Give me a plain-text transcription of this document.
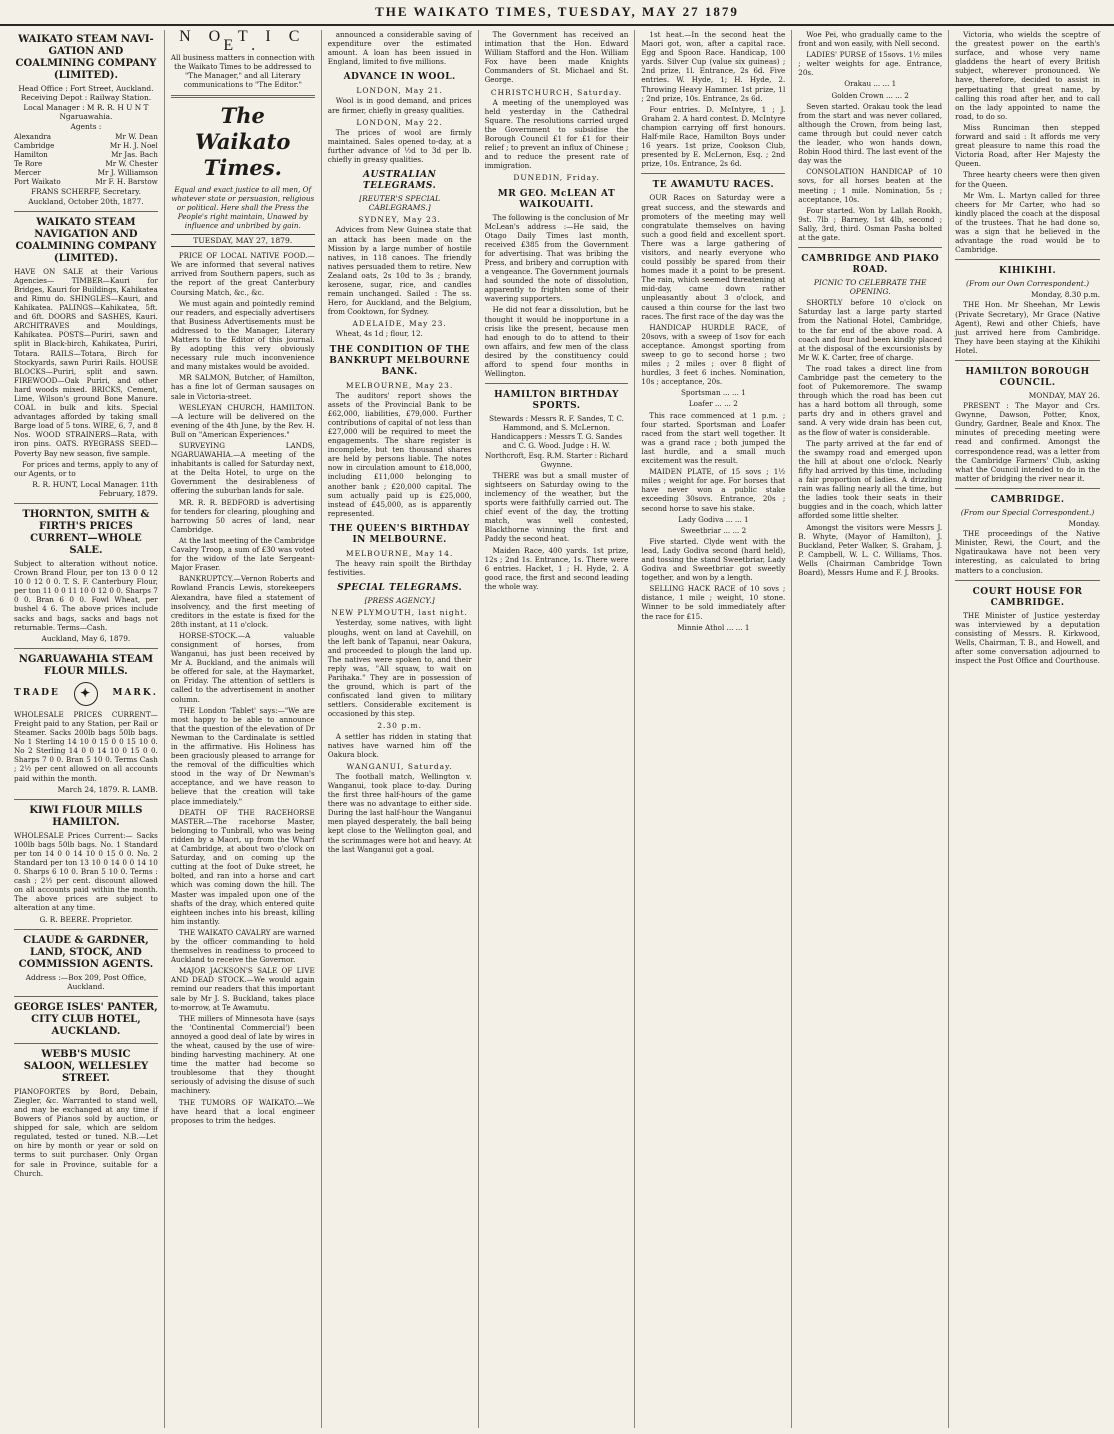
THE WAIKATO TIMES, TUESDAY, MAY 27 1879
WAIKATO STEAM NAVI-GATION AND COALMINING COMPANY (LIMITED).
Head Office : Fort Street, Auckland. Receiving Depot : Railway Station.
Local Manager : M R. R. H U N T Ngaruawahia.
Agents :
Alexandra	Mr W. Dean
Cambridge	Mr H. J. Noel
Hamilton	Mr Jas. Bach
Te Rore	Mr W. Chester
Mercer	Mr J. Williamson
Port Waikato	Mr F. H. Barstow
FRANS SCHERFF, Secretary. Auckland, October 20th, 1877.
WAIKATO STEAM NAVIGATION AND COALMINING COMPANY (LIMITED).

HAVE ON SALE at their Various Agencies— TIMBER—Kauri for Bridges, Kauri for Buildings, Kahikatea and Rimu do. SHINGLES—Kauri, and Kahikatea. PALINGS—Kahikatea, 5ft. and 6ft. DOORS and SASHES, Kauri. ARCHITRAVES and Mouldings, Kahikatea. POSTS—Puriri, sawn and split in Black-birch, Kahikatea, Puriri, Totara. RAILS—Totara, Birch for Stockyards, sawn Puriri Rails. HOUSE BLOCKS—Puriri, split and sawn. FIREWOOD—Oak Puriri, and other hard woods mixed. BRICKS, Cement, Lime, Wilson's ground Bone Manure. COAL in bulk and kits. Special advantages afforded by taking small Barge load of 5 tons. WIRE, 6, 7, and 8 Nos. WOOD STRAINERS—Rata, with iron pins. OATS. RYEGRASS SEED—Poverty Bay new season, five sample.

For prices and terms, apply to any of our Agents, or to

R. R. HUNT, Local Manager. 11th February, 1879.
THORNTON, SMITH & FIRTH'S PRICES CURRENT—WHOLE SALE.

Subject to alteration without notice. Crown Brand Flour, per ton 13 0 0 12 10 0 12 0 0. T. S. F. Canterbury Flour, per ton 11 0 0 11 10 0 12 0 0. Sharps 7 0 0. Bran 6 0 0. Fowl Wheat, per bushel 4 6. The above prices include sacks and bags, sacks and bags not returnable. Terms—Cash.

Auckland, May 6, 1879.
NGARUAWAHIA STEAM FLOUR MILLS.
TRADE	✦	MARK.

WHOLESALE PRICES CURRENT—Freight paid to any Station, per Rail or Steamer. Sacks 200lb bags 50lb bags. No 1 Sterling 14 10 0 15 0 0 15 10 0. No 2 Sterling 14 0 0 14 10 0 15 0 0. Sharps 7 0 0. Bran 5 10 0. Terms Cash ; 2½ per cent allowed on all accounts paid within the month.

March 24, 1879. R. LAMB.
KIWI FLOUR MILLS HAMILTON.

WHOLESALE Prices Current:— Sacks 100lb bags 50lb bags. No. 1 Standard per ton 14 0 0 14 10 0 15 0 0. No. 2 Standard per ton 13 10 0 14 0 0 14 10 0. Sharps 6 10 0. Bran 5 10 0. Terms : cash ; 2½ per cent. discount allowed on all accounts paid within the month. The above prices are subject to alteration at any time.

G. R. BEERE. Proprietor.
CLAUDE & GARDNER, LAND, STOCK, AND COMMISSION AGENTS.
Address :—Box 209, Post Office, Auckland.
GEORGE ISLES' PANTER, CITY CLUB HOTEL, AUCKLAND.
WEBB'S MUSIC SALOON, WELLESLEY STREET.

PIANOFORTES by Bord, Debain, Ziegler, &c. Warranted to stand well, and may be exchanged at any time if Bowers of Pianos sold by auction, or shipped for sale, which are seldom regulated, tested or tuned. N.B.—Let on hire by month or year or sold on terms to suit purchaser. Only Organ for sale in Province, suitable for a Church.

N O T I C E .

All business matters in connection with the Waikato Times to be addressed to "The Manager," and all Literary communications to "The Editor."

The Waikato Times.

Equal and exact justice to all men, Of whatever state or persuasion, religious or political. Here shall the Press the People's right maintain, Unawed by influence and unbribed by gain.

TUESDAY, MAY 27, 1879.

PRICE OF LOCAL NATIVE FOOD.—We are informed that several natives arrived from Southern papers, such as the report of the great Canterbury Coursing Match, &c., &c.

We must again and pointedly remind our readers, and especially advertisers that Business Advertisements must be addressed to the Manager, Literary Matters to the Editor of this journal. By adopting this very obviously necessary rule much inconvenience and many mistakes would be avoided.

MR SALMON, Butcher, of Hamilton, has a fine lot of German sausages on sale in Victoria-street.

WESLEYAN CHURCH, HAMILTON.—A lecture will be delivered on the evening of the 4th June, by the Rev. H. Bull on "American Experiences."

SURVEYING LANDS, NGARUAWAHIA.—A meeting of the inhabitants is called for Saturday next, at the Delta Hotel, to urge on the Government the desirableness of offering the suburban lands for sale.

MR. R. R. BEDFORD is advertising for tenders for clearing, ploughing and harrowing 50 acres of land, near Cambridge.

At the last meeting of the Cambridge Cavalry Troop, a sum of £30 was voted for the widow of the late Sergeant-Major Fraser.

BANKRUPTCY.—Vernon Roberts and Rowland Francis Lewis, storekeepers Alexandra, have filed a statement of insolvency, and the first meeting of creditors in the estate is fixed for the 28th instant, at 11 o'clock.

HORSE-STOCK.—A valuable consignment of horses, from Wanganui, has just been received by Mr A. Buckland, and the animals will be offered for sale, at the Haymarket, on Friday. The attention of settlers is called to the advertisement in another column.

THE London 'Tablet' says:—"We are most happy to be able to announce that the question of the elevation of Dr Newman to the Cardinalate is settled in the affirmative. His Holiness has been graciously pleased to arrange for the removal of the difficulties which stood in the way of Dr Newman's acceptance, and we have reason to believe that the creation will take place immediately."

DEATH OF THE RACEHORSE MASTER.—The racehorse Master, belonging to Tunbrall, who was being ridden by a Maori, up from the Wharf at Cambridge, at about two o'clock on Saturday, and on coming up the cutting at the foot of Duke street, he bolted, and ran into a horse and cart which was coming down the hill. The Master was impaled upon one of the shafts of the dray, which entered quite eighteen inches into his breast, killing him instantly.

THE WAIKATO CAVALRY are warned by the officer commanding to hold themselves in readiness to proceed to Auckland to receive the Governor.

MAJOR JACKSON'S SALE OF LIVE AND DEAD STOCK.—We would again remind our readers that this important sale by Mr J. S. Buckland, takes place to-morrow, at Te Awamutu.

THE millers of Minnesota have (says the 'Continental Commercial') been annoyed a good deal of late by wires in the wheat, caused by the use of wire-binding harvesting machinery. At one time the matter had become so troublesome that they thought seriously of advising the disuse of such machinery.

THE TUMORS OF WAIKATO.—We have heard that a local engineer proposes to trim the hedges.

announced a considerable saving of expenditure over the estimated amount. A loan has been issued in England, limited to five millions.

ADVANCE IN WOOL.
LONDON, May 21.

Wool is in good demand, and prices are firmer, chiefly in greasy qualities.

LONDON, May 22.

The prices of wool are firmly maintained. Sales opened to-day, at a further advance of ½d to 3d per lb. chiefly in greasy qualities.

AUSTRALIAN TELEGRAMS.
[REUTER'S SPECIAL CABLEGRAMS.]
SYDNEY, May 23.

Advices from New Guinea state that an attack has been made on the Mission by a large number of hostile natives, in 118 canoes. The friendly natives persuaded them to retire. New Zealand oats, 2s 10d to 3s ; brandy, kerosene, sugar, rice, and candles remain unchanged. Sailed : The ss. Hero, for Auckland, and the Belgium, from Cooktown, for Sydney.

ADELAIDE, May 23.

Wheat, 4s 1d ; flour, 12.

THE CONDITION OF THE BANKRUPT MELBOURNE BANK.
MELBOURNE, May 23.

The auditors' report shows the assets of the Provincial Bank to be £62,000, liabilities, £79,000. Further contributions of capital of not less than £27,000 will be required to meet the engagements. The share register is incomplete, but ten thousand shares are held by persons liable. The notes now in circulation amount to £18,000, including £11,000 belonging to another bank ; £20,000 capital. The sum actually paid up is £25,000, instead of £45,000, as is apparently represented.

THE QUEEN'S BIRTHDAY IN MELBOURNE.
MELBOURNE, May 14.

The heavy rain spoilt the Birthday festivities.

SPECIAL TELEGRAMS.
[PRESS AGENCY.]
NEW PLYMOUTH, last night.

Yesterday, some natives, with light ploughs, went on land at Cavehill, on the left bank of Tapanui, near Oakura, and proceeded to plough the land up. The natives were spoken to, and their reply was, "All squaw, to wait on Parihaka." They are in possession of the ground, which is part of the confiscated land given to military settlers. Considerable excitement is occasioned by this step.

2.30 p.m.

A settler has ridden in stating that natives have warned him off the Oakura block.

WANGANUI, Saturday.

The football match, Wellington v. Wanganui, took place to-day. During the first three half-hours of the game there was no advantage to either side. During the last half-hour the Wanganui men played desperately, the ball being kept close to the Wellington goal, and the scrimmages were hot and heavy. At the last Wanganui got a goal.

The Government has received an intimation that the Hon. Edward William Stafford and the Hon. William Fox have been made Knights Commanders of St. Michael and St. George.

CHRISTCHURCH, Saturday.

A meeting of the unemployed was held yesterday in the Cathedral Square. The resolutions carried urged the Government to subsidise the Borough Council £1 for £1 for their relief ; to prevent an influx of Chinese ; and to reduce the present rate of immigration.

DUNEDIN, Friday.
MR GEO. McLEAN AT WAIKOUAITI.

The following is the conclusion of Mr McLean's address :—He said, the Otago Daily Times last month, received £385 from the Government for advertising. That was bribing the Press, and bribery and corruption with a vengeance. The Government journals had sounded the note of dissolution, apparently to frighten some of their wavering supporters.

He did not fear a dissolution, but he thought it would be inopportune in a crisis like the present, because men had enough to do to attend to their own affairs, and few men of the class desired by the constituency could afford to spend four months in Wellington.

HAMILTON BIRTHDAY SPORTS.

Stewards : Messrs R. F. Sandes, T. C. Hammond, and S. McLernon. Handicappers : Messrs T. G. Sandes and C. G. Wood. Judge : H. W. Northcroft, Esq. R.M. Starter : Richard Gwynne.

THERE was but a small muster of sightseers on Saturday owing to the inclemency of the weather, but the sports were faithfully carried out. The chief event of the day, the trotting match, was well contested, Blackthorne winning the first and Paddy the second heat.

Maiden Race, 400 yards. 1st prize, 12s ; 2nd 1s. Entrance, 1s. There were 6 entries. Hacket, 1 ; H. Hyde, 2. A good race, the first and second leading the whole way.

1st heat.—In the second heat the Maori got, won, after a capital race. Egg and Spoon Race. Handicap, 100 yards. Silver Cup (value six guineas) ; 2nd prize, 1l. Entrance, 2s 6d. Five entries. W. Hyde, 1; H. Hyde, 2. Throwing Heavy Hammer. 1st prize, 1l ; 2nd prize, 10s. Entrance, 2s 6d.

Four entries. D. McIntyre, 1 ; J. Graham 2. A hard contest. D. McIntyre champion carrying off first honours. Half-mile Race, Hamilton Boys under 16 years. 1st prize, Cookson Club, presented by E. McLernon, Esq. ; 2nd prize, 10s. Entrance, 2s 6d.

TE AWAMUTU RACES.

OUR Races on Saturday were a great success, and the stewards and promoters of the meeting may well congratulate themselves on having such a good field and excellent sport. There was a large gathering of visitors, and nearly everyone who could possibly be spared from their homes made it a point to be present. The rain, which seemed threatening at mid-day, came down rather unpleasantly about 3 o'clock, and caused a thin course for the last two races. The first race of the day was the

HANDICAP HURDLE RACE, of 20sovs, with a sweep of 1sov for each acceptance. Amongst sporting from sweep to go to second horse ; two miles ; 2 miles ; over 8 flight of hurdles, 3 feet 6 inches. Nomination, 10s ; acceptance, 20s.

Sportsman ... ... 1

Loafer ... ... 2

This race commenced at 1 p.m. ; four started. Sportsman and Loafer raced from the start well together. It was a grand race ; both jumped the last hurdle, and a small much excitement was the result.

MAIDEN PLATE, of 15 sovs ; 1½ miles ; weight for age. For horses that have never won a public stake exceeding 30sovs. Entrance, 20s ; second horse to save his stake.

Lady Godiva ... ... 1

Sweetbriar ... ... 2

Five started. Clyde went with the lead, Lady Godiva second (hard held), and tossing the stand Sweetbriar, Lady Godiva and Sweetbriar got sweetly together, and won by a length.

SELLING HACK RACE of 10 sovs ; distance, 1 mile ; weight, 10 stone. Winner to be sold immediately after the race for £15.

Minnie Athol ... ... 1

Woe Pei, who gradually came to the front and won easily, with Nell second.

LADIES' PURSE of 15sovs. 1½ miles ; welter weights for age. Entrance, 20s.

Orakau ... ... 1

Golden Crown ... ... 2

Seven started. Orakau took the lead from the start and was never collared, although the Crown, from being last, came through but could never catch the leader, who won hands down, Robin Hood third. The last event of the day was the

CONSOLATION HANDICAP of 10 sovs, for all horses beaten at the meeting ; 1 mile. Nomination, 5s ; acceptance, 10s.

Four started. Won by Lallah Rookh, 9st. 7lb ; Barney, 1st 4lb, second ; Sally, 3rd, third. Osman Pasha bolted at the gate.

CAMBRIDGE AND PIAKO ROAD.
PICNIC TO CELEBRATE THE OPENING.

SHORTLY before 10 o'clock on Saturday last a large party started from the National Hotel, Cambridge, to the far end of the above road. A coach and four had been kindly placed at the disposal of the excursionists by Mr W. K. Carter, free of charge.

The road takes a direct line from Cambridge past the cemetery to the foot of Pukemoremore. The swamp through which the road has been cut has a hard bottom all through, some parts dry and in others gravel and sand. A very wide drain has been cut, as the flow of water is considerable.

The party arrived at the far end of the swampy road and emerged upon the hill at about one o'clock. Nearly fifty had arrived by this time, including a fair proportion of ladies. A drizzling rain was falling nearly all the time, but the ladies took their seats in their buggies and in the coach, which latter afforded some little shelter.

Amongst the visitors were Messrs J. B. Whyte, (Mayor of Hamilton), J. Buckland, Peter Walker, S. Graham, J. P. Campbell, W. L. C. Williams, Thos. Wells (Chairman Cambridge Town Board), Messrs Hume and F. J. Brooks.

Victoria, who wields the sceptre of the greatest power on the earth's surface, and whose very name gladdens the heart of every British subject, wherever pronounced. We have, therefore, decided to assist in perpetuating that great name, by calling this road after her, and to call on the lady appointed to name the road, to do so.

Miss Runciman then stepped forward and said : It affords me very great pleasure to name this road the Victoria Road, after Her Majesty the Queen.

Three hearty cheers were then given for the Queen.

Mr Wm. L. Martyn called for three cheers for Mr Carter, who had so kindly placed the coach at the disposal of the trustees. That he had done so, was a sign that he believed in the advantage the road would be to Cambridge.

KIHIKIHI.
(From our Own Correspondent.)
Monday, 8.30 p.m.

THE Hon. Mr Sheehan, Mr Lewis (Private Secretary), Mr Grace (Native Agent), Rewi and other Chiefs, have just arrived here from Cambridge. They have been staying at the Kihikihi Hotel.

HAMILTON BOROUGH COUNCIL.
MONDAY, MAY 26.

PRESENT : The Mayor and Crs. Gwynne, Dawson, Potter, Knox, Gundry, Gardner, Beale and Knox. The minutes of preceding meeting were read and confirmed. Amongst the correspondence read, was a letter from the Cambridge Farmers' Club, asking what the Council intended to do in the matter of bridging the river near it.

CAMBRIDGE.
(From our Special Correspondent.)
Monday.

THE proceedings of the Native Minister, Rewi, the Court, and the Ngatiraukawa have not been very interesting, as calculated to bring matters to a conclusion.

COURT HOUSE FOR CAMBRIDGE.

THE Minister of Justice yesterday was interviewed by a deputation consisting of Messrs. R. Kirkwood, Wells, Chairman, T. B., and Howell, and after some conversation adjourned to inspect the Post Office and Courthouse.
